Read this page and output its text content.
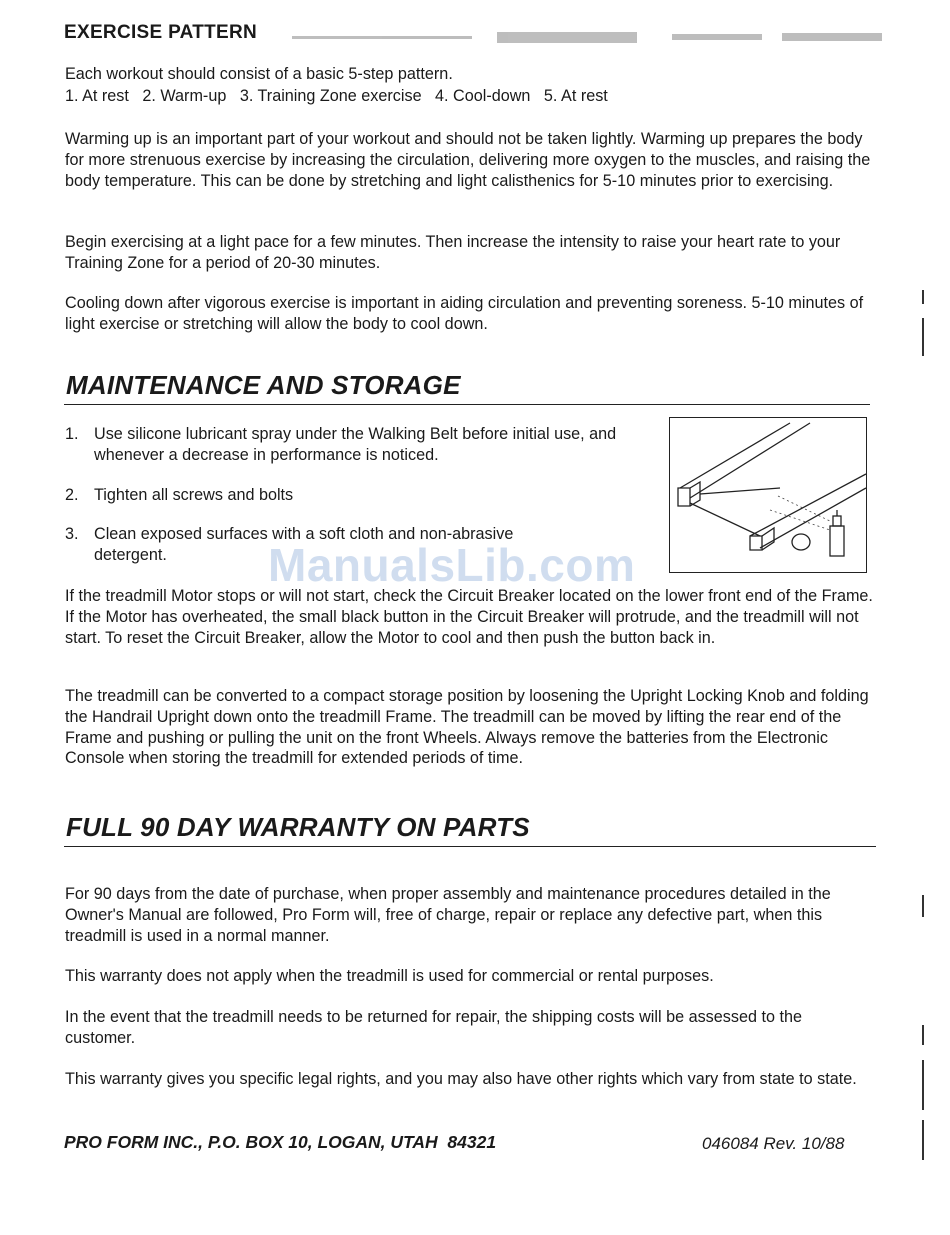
EXERCISE PATTERN

Each workout should consist of a basic 5-step pattern.

1. At rest   2. Warm-up   3. Training Zone exercise   4. Cool-down   5. At rest

Warming up is an important part of your workout and should not be taken lightly. Warming up prepares the body for more strenuous exercise by increasing the circulation, delivering more oxygen to the muscles, and raising the body temperature. This can be done by stretching and light calisthenics for 5-10 minutes prior to exercising.

Begin exercising at a light pace for a few minutes. Then increase the intensity to raise your heart rate to your Training Zone for a period of 20-30 minutes.

Cooling down after vigorous exercise is important in aiding circulation and preventing soreness. 5-10 minutes of light exercise or stretching will allow the body to cool down.

MAINTENANCE AND STORAGE
1. Use silicone lubricant spray under the Walking Belt before initial use, and whenever a decrease in performance is noticed.
2. Tighten all screws and bolts
3. Clean exposed surfaces with a soft cloth and non-abrasive detergent.	ManualsLib.com

If the treadmill Motor stops or will not start, check the Circuit Breaker located on the lower front end of the Frame. If the Motor has overheated, the small black button in the Circuit Breaker will protrude, and the treadmill will not start. To reset the Circuit Breaker, allow the Motor to cool and then push the button back in.

The treadmill can be converted to a compact storage position by loosening the Upright Locking Knob and folding the Handrail Upright down onto the treadmill Frame. The treadmill can be moved by lifting the rear end of the Frame and pushing or pulling the unit on the front Wheels. Always remove the batteries from the Electronic Console when storing the treadmill for extended periods of time.

FULL 90 DAY WARRANTY ON PARTS

For 90 days from the date of purchase, when proper assembly and maintenance procedures detailed in the Owner's Manual are followed, Pro Form will, free of charge, repair or replace any defective part, when this treadmill is used in a normal manner.

This warranty does not apply when the treadmill is used for commercial or rental purposes.

In the event that the treadmill needs to be returned for repair, the shipping costs will be assessed to the customer.

This warranty gives you specific legal rights, and you may also have other rights which vary from state to state.

PRO FORM INC., P.O. BOX 10, LOGAN, UTAH  84321	046084 Rev. 10/88
